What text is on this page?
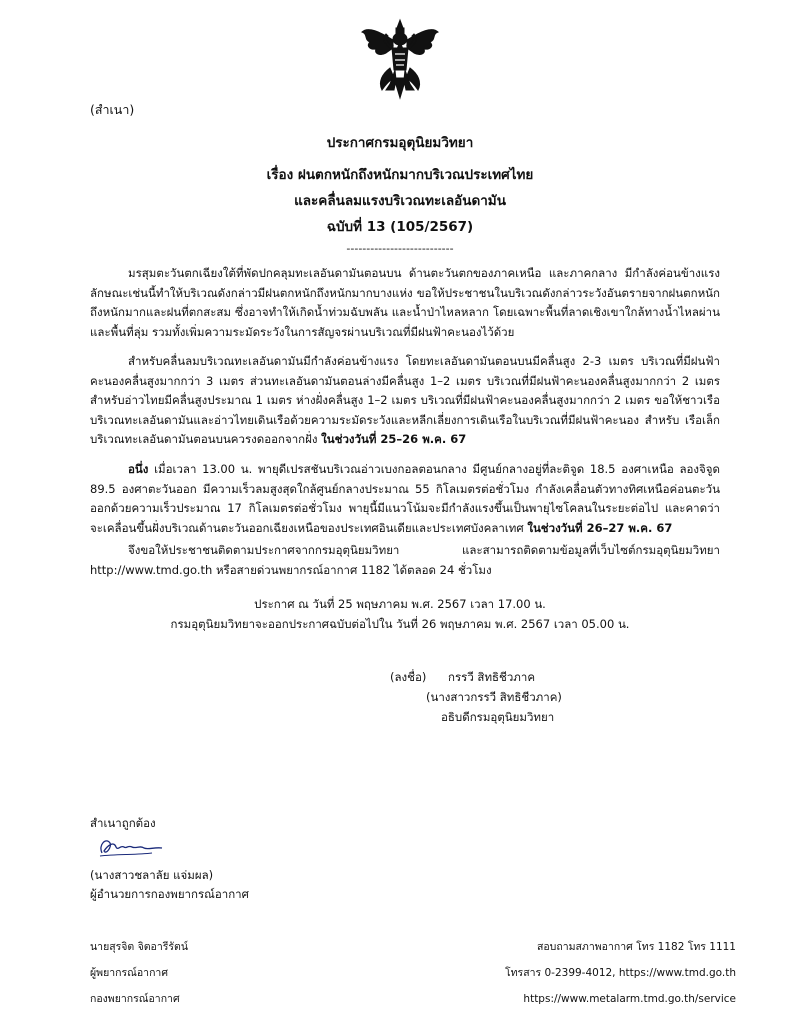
(สำเนา)
ประกาศกรมอุตุนิยมวิทยา
เรื่อง ฝนตกหนักถึงหนักมากบริเวณประเทศไทย
และคลื่นลมแรงบริเวณทะเลอันดามัน
ฉบับที่ 13 (105/2567)
---------------------------

มรสุมตะวันตกเฉียงใต้ที่พัดปกคลุมทะเลอันดามันตอนบน ด้านตะวันตกของภาคเหนือ และภาคกลาง มีกำลังค่อนข้างแรง ลักษณะเช่นนี้ทำให้บริเวณดังกล่าวมีฝนตกหนักถึงหนักมากบางแห่ง ขอให้ประชาชนในบริเวณดังกล่าวระวังอันตรายจากฝนตกหนักถึงหนักมากและฝนที่ตกสะสม ซึ่งอาจทำให้เกิดน้ำท่วมฉับพลัน และน้ำป่าไหลหลาก โดยเฉพาะพื้นที่ลาดเชิงเขาใกล้ทางน้ำไหลผ่านและพื้นที่ลุ่ม รวมทั้งเพิ่มความระมัดระวังในการสัญจรผ่านบริเวณที่มีฝนฟ้าคะนองไว้ด้วย

สำหรับคลื่นลมบริเวณทะเลอันดามันมีกำลังค่อนข้างแรง โดยทะเลอันดามันตอนบนมีคลื่นสูง 2-3 เมตร บริเวณที่มีฝนฟ้าคะนองคลื่นสูงมากกว่า 3 เมตร ส่วนทะเลอันดามันตอนล่างมีคลื่นสูง 1–2 เมตร บริเวณที่มีฝนฟ้าคะนองคลื่นสูงมากกว่า 2 เมตร สำหรับอ่าวไทยมีคลื่นสูงประมาณ 1 เมตร ห่างฝั่งคลื่นสูง 1–2 เมตร บริเวณที่มีฝนฟ้าคะนองคลื่นสูงมากกว่า 2 เมตร ขอให้ชาวเรือบริเวณทะเลอันดามันและอ่าวไทยเดินเรือด้วยความระมัดระวังและหลีกเลี่ยงการเดินเรือในบริเวณที่มีฝนฟ้าคะนอง สำหรับ เรือเล็กบริเวณทะเลอันดามันตอนบนควรงดออกจากฝั่ง ในช่วงวันที่ 25–26 พ.ค. 67

อนึ่ง เมื่อเวลา 13.00 น. พายุดีเปรสชันบริเวณอ่าวเบงกอลตอนกลาง มีศูนย์กลางอยู่ที่ละติจูด 18.5 องศาเหนือ ลองจิจูด 89.5 องศาตะวันออก มีความเร็วลมสูงสุดใกล้ศูนย์กลางประมาณ 55 กิโลเมตรต่อชั่วโมง กำลังเคลื่อนตัวทางทิศเหนือค่อนตะวันออกด้วยความเร็วประมาณ 17 กิโลเมตรต่อชั่วโมง พายุนี้มีแนวโน้มจะมีกำลังแรงขึ้นเป็นพายุไซโคลนในระยะต่อไป และคาดว่าจะเคลื่อนขึ้นฝั่งบริเวณด้านตะวันออกเฉียงเหนือของประเทศอินเดียและประเทศบังคลาเทศ ในช่วงวันที่ 26–27 พ.ค. 67

จึงขอให้ประชาชนติดตามประกาศจากกรมอุตุนิยมวิทยา และสามารถติดตามข้อมูลที่เว็บไซต์กรมอุตุนิยมวิทยา http://www.tmd.go.th หรือสายด่วนพยากรณ์อากาศ 1182 ได้ตลอด 24 ชั่วโมง

ประกาศ ณ วันที่ 25 พฤษภาคม พ.ศ. 2567 เวลา 17.00 น.
กรมอุตุนิยมวิทยาจะออกประกาศฉบับต่อไปใน วันที่ 26 พฤษภาคม พ.ศ. 2567 เวลา 05.00 น.
(ลงชื่อ) กรรวี สิทธิชีวภาค
(นางสาวกรรวี สิทธิชีวภาค)
อธิบดีกรมอุตุนิยมวิทยา
สำเนาถูกต้อง
(นางสาวชลาลัย แจ่มผล)
ผู้อำนวยการกองพยากรณ์อากาศ
นายสุรจิต จิตอารีรัตน์
ผู้พยากรณ์อากาศ
กองพยากรณ์อากาศ
สอบถามสภาพอากาศ โทร 1182 โทร 1111
โทรสาร 0-2399-4012, https://www.tmd.go.th
https://www.metalarm.tmd.go.th/service
